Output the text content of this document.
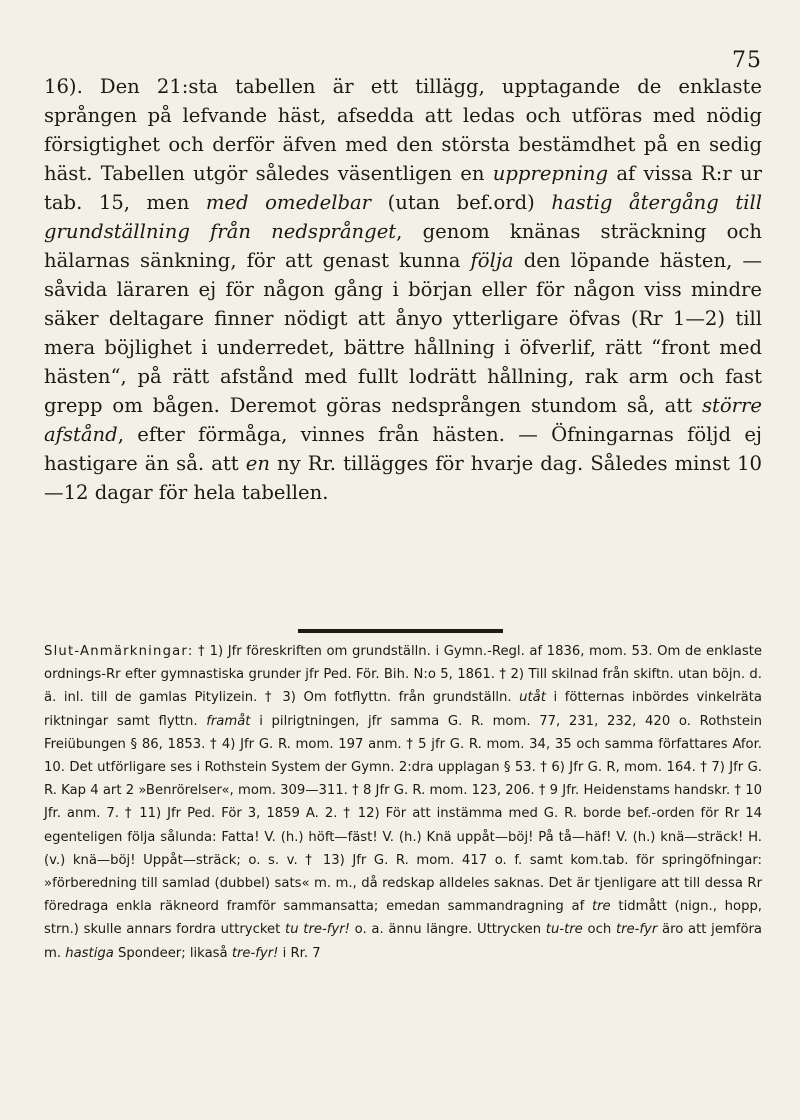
75
16). Den 21:sta tabellen är ett tillägg, upptagande de enklaste sprången på lefvande häst, afsedda att ledas och utföras med nödig försigtighet och derför äfven med den största bestämdhet på en sedig häst. Tabellen utgör således väsentligen en upprepning af vissa R:r ur tab. 15, men med omedelbar (utan bef.ord) hastig återgång till grundställning från nedsprånget, genom knänas sträckning och hälarnas sänkning, för att genast kunna följa den löpande hästen, — såvida läraren ej för någon gång i början eller för någon viss mindre säker deltagare finner nödigt att ånyo ytterligare öfvas (Rr 1—2) till mera böjlighet i underredet, bättre hållning i öfverlif, rätt “front med hästen“, på rätt afstånd med fullt lodrätt hållning, rak arm och fast grepp om bågen. Deremot göras nedsprången stundom så, att större afstånd, efter förmåga, vinnes från hästen. — Öfningarnas följd ej hastigare än så. att en ny Rr. tillägges för hvarje dag. Således minst 10—12 dagar för hela tabellen.
Slut-Anmärkningar: † 1) Jfr föreskriften om grundställn. i Gymn.-Regl. af 1836, mom. 53. Om de enklaste ordnings-Rr efter gymnastiska grunder jfr Ped. För. Bih. N:o 5, 1861. † 2) Till skilnad från skiftn. utan böjn. d. ä. inl. till de gamlas Pitylizein. † 3) Om fotflyttn. från grundställn. utåt i fötternas inbördes vinkelräta riktningar samt flyttn. framåt i pilrigtningen, jfr samma G. R. mom. 77, 231, 232, 420 o. Rothstein Freiübungen § 86, 1853. † 4) Jfr G. R. mom. 197 anm. † 5 jfr G. R. mom. 34, 35 och samma författares Afor. 10. Det utförligare ses i Rothstein System der Gymn. 2:dra upplagan § 53. † 6) Jfr G. R, mom. 164. † 7) Jfr G. R. Kap 4 art 2 »Benrörelser«, mom. 309—311. † 8 Jfr G. R. mom. 123, 206. † 9 Jfr. Heidenstams handskr. † 10 Jfr. anm. 7. † 11) Jfr Ped. För 3, 1859 A. 2. † 12) För att instämma med G. R. borde bef.-orden för Rr 14 egenteligen följa sålunda: Fatta! V. (h.) höft—fäst! V. (h.) Knä uppåt—böj! På tå—häf! V. (h.) knä—sträck! H. (v.) knä—böj! Uppåt—sträck; o. s. v. † 13) Jfr G. R. mom. 417 o. f. samt kom.tab. för springöfningar: »förberedning till samlad (dubbel) sats« m. m., då redskap alldeles saknas. Det är tjenligare att till dessa Rr föredraga enkla räkneord framför sammansatta; emedan sammandragning af tre tidmått (nign., hopp, strn.) skulle annars fordra uttrycket tu tre-fyr! o. a. ännu längre. Uttrycken tu-tre och tre-fyr äro att jemföra m. hastiga Spondeer; likaså tre-fyr! i Rr. 7
